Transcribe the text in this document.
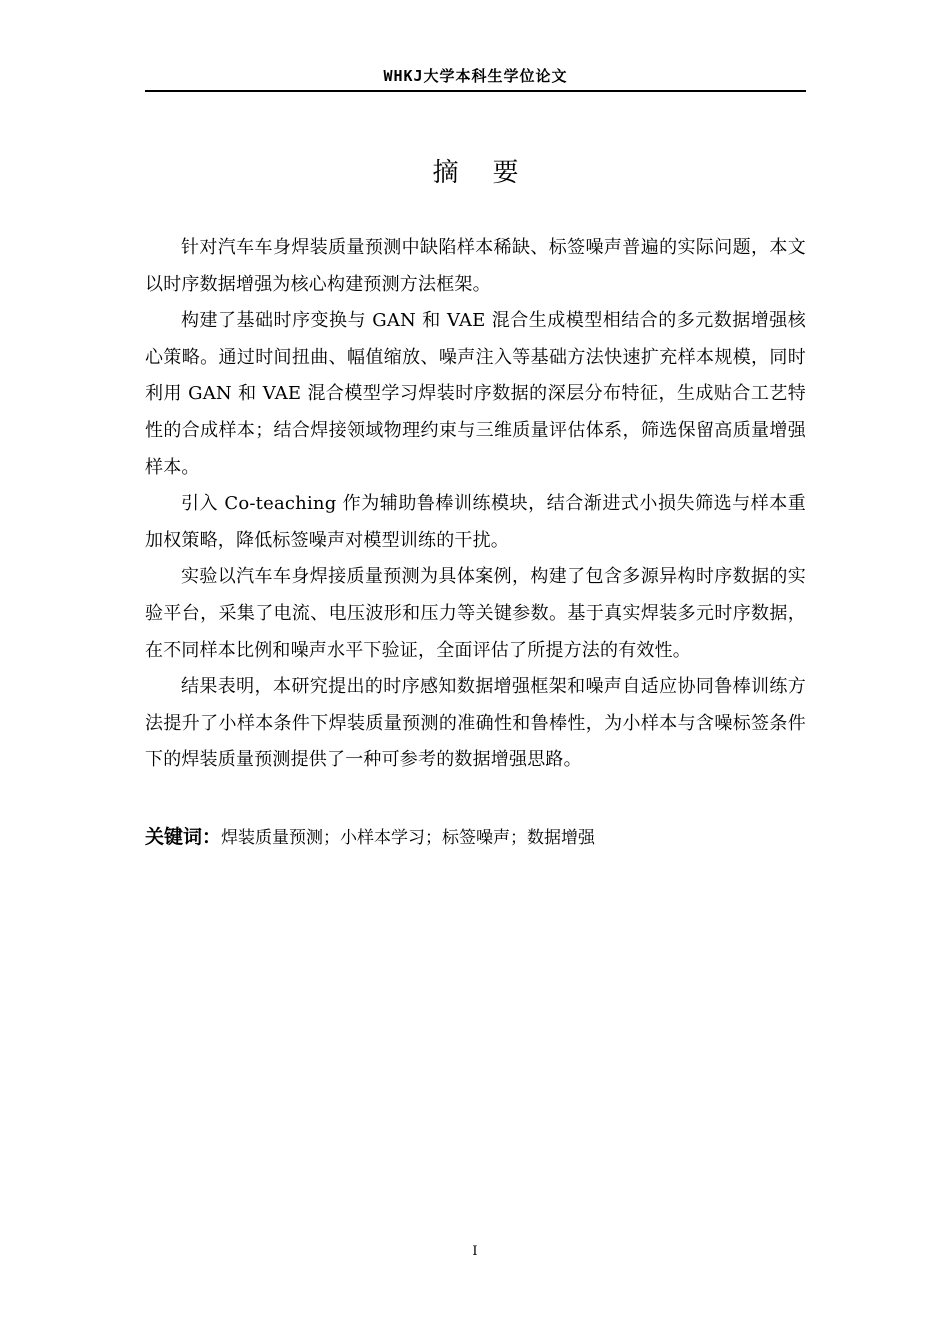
WHKJ大学本科生学位论文
摘要

针对汽车车身焊装质量预测中缺陷样本稀缺、标签噪声普遍的实际问题，本文以时序数据增强为核心构建预测方法框架。

构建了基础时序变换与 GAN 和 VAE 混合生成模型相结合的多元数据增强核心策略。通过时间扭曲、幅值缩放、噪声注入等基础方法快速扩充样本规模，同时利用 GAN 和 VAE 混合模型学习焊装时序数据的深层分布特征，生成贴合工艺特性的合成样本；结合焊接领域物理约束与三维质量评估体系，筛选保留高质量增强样本。

引入 Co-teaching 作为辅助鲁棒训练模块，结合渐进式小损失筛选与样本重加权策略，降低标签噪声对模型训练的干扰。

实验以汽车车身焊接质量预测为具体案例，构建了包含多源异构时序数据的实验平台，采集了电流、电压波形和压力等关键参数。基于真实焊装多元时序数据，在不同样本比例和噪声水平下验证，全面评估了所提方法的有效性。

结果表明，本研究提出的时序感知数据增强框架和噪声自适应协同鲁棒训练方法提升了小样本条件下焊装质量预测的准确性和鲁棒性，为小样本与含噪标签条件下的焊装质量预测提供了一种可参考的数据增强思路。

关键词：焊装质量预测；小样本学习；标签噪声；数据增强
I
